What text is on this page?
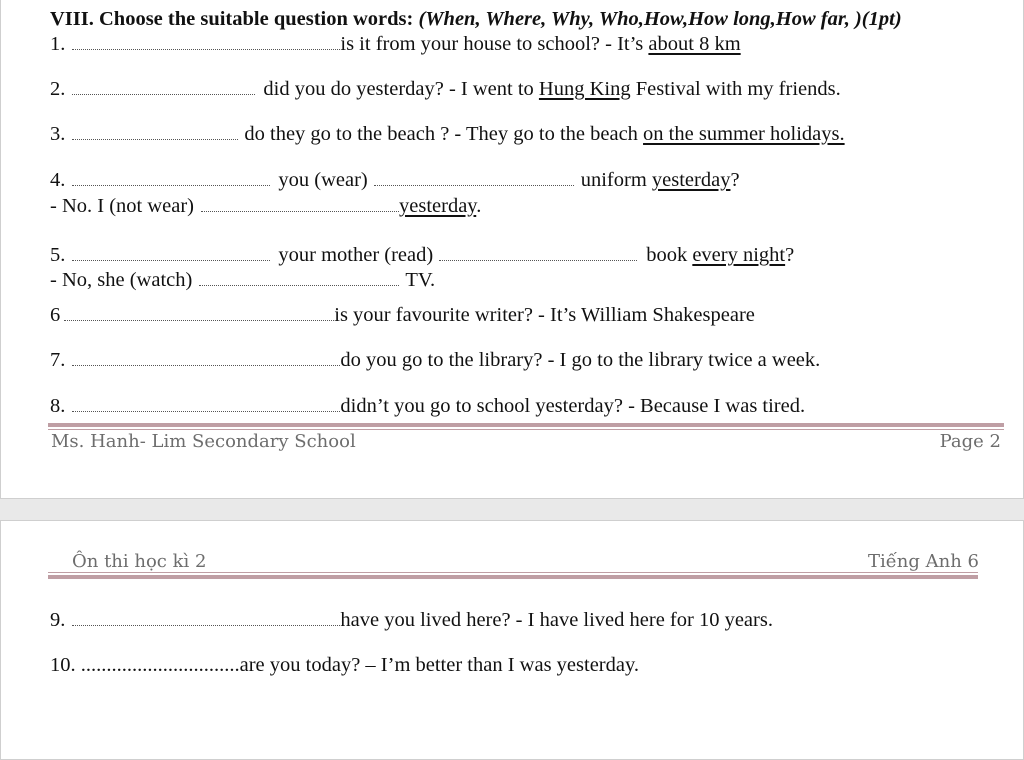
VIII. Choose the suitable question words: (When, Where, Why, Who,How,How long,How far, )(1pt)
1.	is it from your house to school? - It’s about 8 km
2.	did you do yesterday? - I went to Hung King Festival with my friends.
3.	do they go to the beach ? - They go to the beach on the summer holidays.
4.	you (wear)	uniform yesterday?
- No. I (not wear)	yesterday.
5.	your mother (read)	book every night?
- No, she (watch)	TV.
6	is your favourite writer? - It’s William Shakespeare
7.	do you go to the library? - I go to the library twice a week.
8.	didn’t you go to school yesterday? - Because I was tired.
Ms. Hanh- Lim Secondary School	Page 2
Ôn thi học kì 2	Tiếng Anh 6
9.	have you lived here? - I have lived here for 10 years.
10. ...............................are you today? – I’m better than I was yesterday.
